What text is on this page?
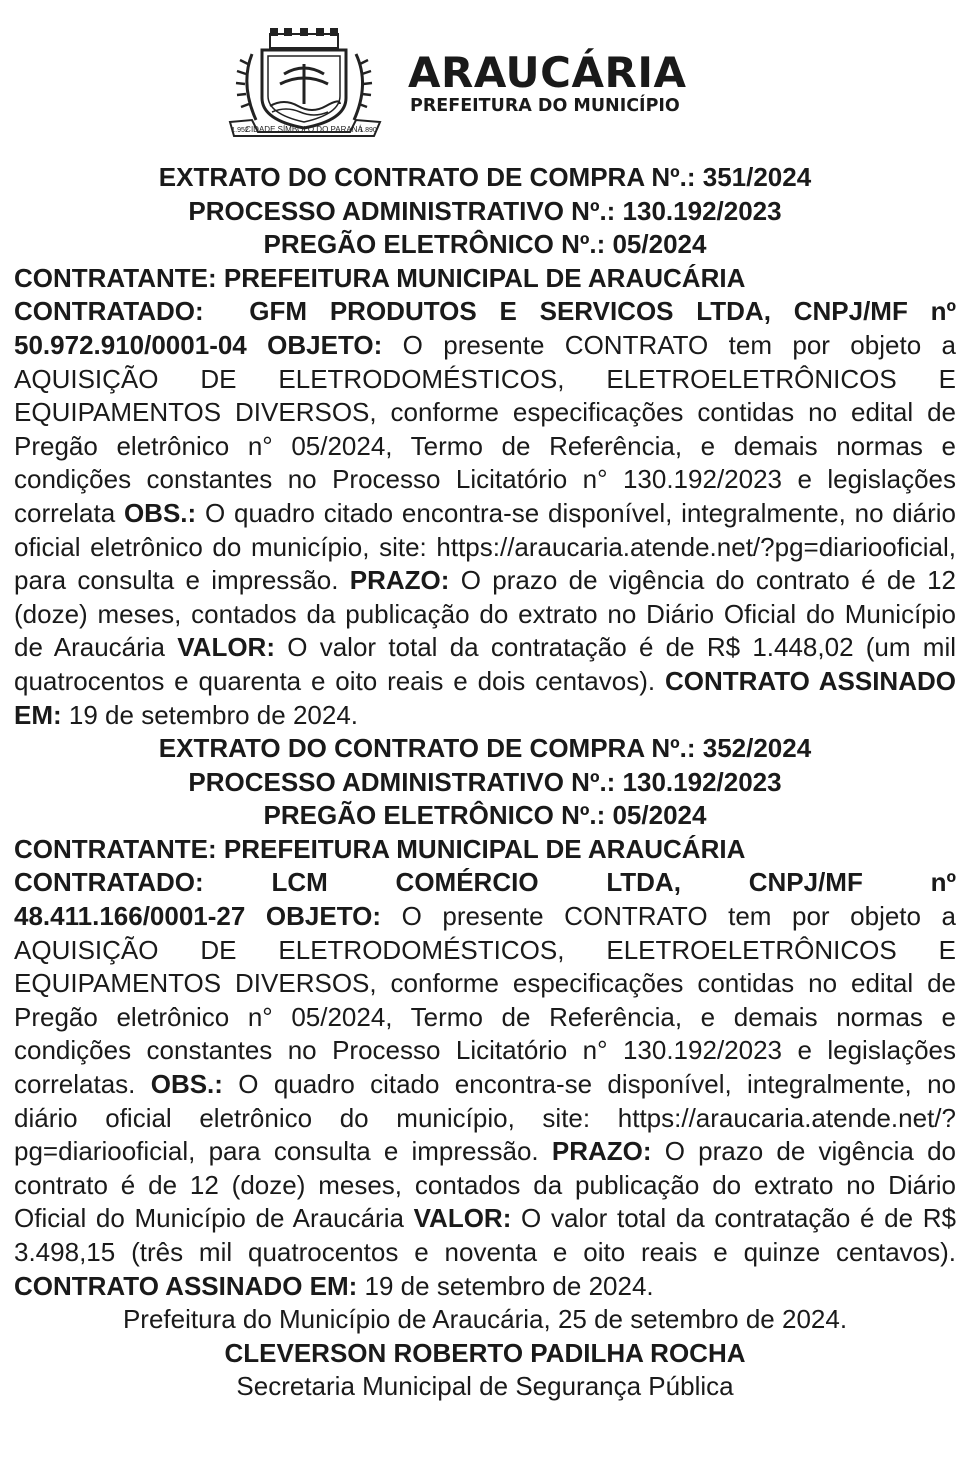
CIDADE SÍMBOLO DO PARANÁ
1.952	1.890
ARAUCÁRIA
PREFEITURA DO MUNICÍPIO
EXTRATO DO CONTRATO DE COMPRA Nº.: 351/2024
PROCESSO ADMINISTRATIVO Nº.: 130.192/2023
PREGÃO ELETRÔNICO Nº.: 05/2024
CONTRATANTE: PREFEITURA MUNICIPAL DE ARAUCÁRIA
CONTRATADO: GFM PRODUTOS E SERVICOS LTDA, CNPJ/MF nº 50.972.910/0001-04 OBJETO: O presente CONTRATO tem por objeto a AQUISIÇÃO DE ELETRODOMÉSTICOS, ELETROELETRÔNICOS E EQUIPAMENTOS DIVERSOS, conforme especificações contidas no edital de Pregão eletrônico n° 05/2024, Termo de Referência, e demais normas e condições constantes no Processo Licitatório n° 130.192/2023 e legislações correlata OBS.: O quadro citado encontra-se disponível, integralmente, no diário oficial eletrônico do município, site: https://araucaria.atende.net/?pg=diariooficial, para consulta e impressão. PRAZO: O prazo de vigência do contrato é de 12 (doze) meses, contados da publicação do extrato no Diário Oficial do Município de Araucária VALOR: O valor total da contratação é de R$ 1.448,02 (um mil quatrocentos e quarenta e oito reais e dois centavos). CONTRATO ASSINADO EM: 19 de setembro de 2024.
EXTRATO DO CONTRATO DE COMPRA Nº.: 352/2024
PROCESSO ADMINISTRATIVO Nº.: 130.192/2023
PREGÃO ELETRÔNICO Nº.: 05/2024
CONTRATANTE: PREFEITURA MUNICIPAL DE ARAUCÁRIA
CONTRATADO:	LCM COMÉRCIO LTDA, CNPJ/MF nº
48.411.166/0001-27 OBJETO: O presente CONTRATO tem por objeto a AQUISIÇÃO DE ELETRODOMÉSTICOS, ELETROELETRÔNICOS E EQUIPAMENTOS DIVERSOS, conforme especificações contidas no edital de Pregão eletrônico n° 05/2024, Termo de Referência, e demais normas e condições constantes no Processo Licitatório n° 130.192/2023 e legislações correlatas. OBS.: O quadro citado encontra-se disponível, integralmente, no diário oficial eletrônico do município, site: https://araucaria.atende.net/?pg=diariooficial, para consulta e impressão. PRAZO: O prazo de vigência do contrato é de 12 (doze) meses, contados da publicação do extrato no Diário Oficial do Município de Araucária VALOR: O valor total da contratação é de R$ 3.498,15 (três mil quatrocentos e noventa e oito reais e quinze centavos). CONTRATO ASSINADO EM: 19 de setembro de 2024.
Prefeitura do Município de Araucária, 25 de setembro de 2024.
CLEVERSON ROBERTO PADILHA ROCHA
Secretaria Municipal de Segurança Pública
